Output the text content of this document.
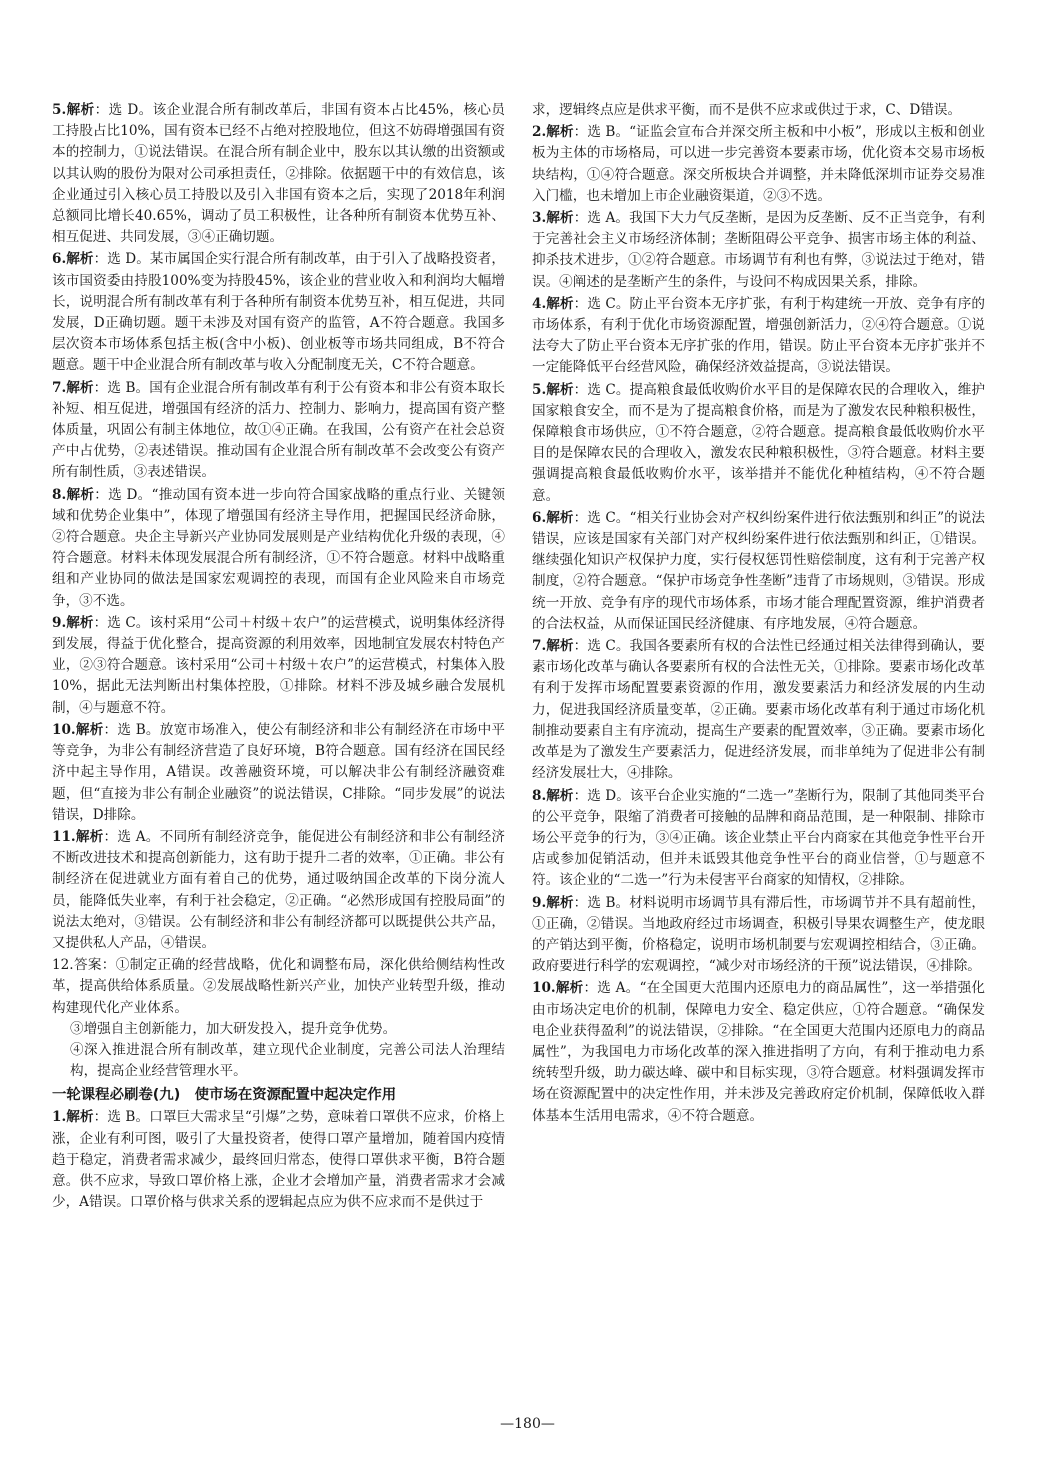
5.解析：选 D。该企业混合所有制改革后，非国有资本占比45%，核心员工持股占比10%，国有资本已经不占绝对控股地位，但这不妨碍增强国有资本的控制力，①说法错误。在混合所有制企业中，股东以其认缴的出资额或以其认购的股份为限对公司承担责任，②排除。依据题干中的有效信息，该企业通过引入核心员工持股以及引入非国有资本之后，实现了2018年利润总额同比增长40.65%，调动了员工积极性，让各种所有制资本优势互补、相互促进、共同发展，③④正确切题。

6.解析：选 D。某市属国企实行混合所有制改革，由于引入了战略投资者，该市国资委由持股100%变为持股45%，该企业的营业收入和利润均大幅增长，说明混合所有制改革有利于各种所有制资本优势互补，相互促进，共同发展，D正确切题。题干未涉及对国有资产的监管，A不符合题意。我国多层次资本市场体系包括主板(含中小板)、创业板等市场共同组成，B不符合题意。题干中企业混合所有制改革与收入分配制度无关，C不符合题意。

7.解析：选 B。国有企业混合所有制改革有利于公有资本和非公有资本取长补短、相互促进，增强国有经济的活力、控制力、影响力，提高国有资产整体质量，巩固公有制主体地位，故①④正确。在我国，公有资产在社会总资产中占优势，②表述错误。推动国有企业混合所有制改革不会改变公有资产所有制性质，③表述错误。

8.解析：选 D。“推动国有资本进一步向符合国家战略的重点行业、关键领域和优势企业集中”，体现了增强国有经济主导作用，把握国民经济命脉，②符合题意。央企主导新兴产业协同发展则是产业结构优化升级的表现，④符合题意。材料未体现发展混合所有制经济，①不符合题意。材料中战略重组和产业协同的做法是国家宏观调控的表现，而国有企业风险来自市场竞争，③不选。

9.解析：选 C。该村采用“公司＋村级＋农户”的运营模式，说明集体经济得到发展，得益于优化整合，提高资源的利用效率，因地制宜发展农村特色产业，②③符合题意。该村采用“公司＋村级＋农户”的运营模式，村集体入股10%，据此无法判断出村集体控股，①排除。材料不涉及城乡融合发展机制，④与题意不符。

10.解析：选 B。放宽市场准入，使公有制经济和非公有制经济在市场中平等竞争，为非公有制经济营造了良好环境，B符合题意。国有经济在国民经济中起主导作用，A错误。改善融资环境，可以解决非公有制经济融资难题，但“直接为非公有制企业融资”的说法错误，C排除。“同步发展”的说法错误，D排除。

11.解析：选 A。不同所有制经济竞争，能促进公有制经济和非公有制经济不断改进技术和提高创新能力，这有助于提升二者的效率，①正确。非公有制经济在促进就业方面有着自己的优势，通过吸纳国企改革的下岗分流人员，能降低失业率，有利于社会稳定，②正确。“必然形成国有控股局面”的说法太绝对，③错误。公有制经济和非公有制经济都可以既提供公共产品，又提供私人产品，④错误。

12.答案：①制定正确的经营战略，优化和调整布局，深化供给侧结构性改革，提高供给体系质量。②发展战略性新兴产业，加快产业转型升级，推动构建现代化产业体系。
③增强自主创新能力，加大研发投入，提升竞争优势。
④深入推进混合所有制改革，建立现代企业制度，完善公司法人治理结构，提高企业经营管理水平。
一轮课程必刷卷(九)　使市场在资源配置中起决定作用

1.解析：选 B。口罩巨大需求呈“引爆”之势，意味着口罩供不应求，价格上涨，企业有利可图，吸引了大量投资者，使得口罩产量增加，随着国内疫情趋于稳定，消费者需求减少，最终回归常态，使得口罩供求平衡，B符合题意。供不应求，导致口罩价格上涨，企业才会增加产量，消费者需求才会减少，A错误。口罩价格与供求关系的逻辑起点应为供不应求而不是供过于

求，逻辑终点应是供求平衡，而不是供不应求或供过于求，C、D错误。

2.解析：选 B。“证监会宣布合并深交所主板和中小板”，形成以主板和创业板为主体的市场格局，可以进一步完善资本要素市场，优化资本交易市场板块结构，①④符合题意。深交所板块合并调整，并未降低深圳市证券交易准入门槛，也未增加上市企业融资渠道，②③不选。

3.解析：选 A。我国下大力气反垄断，是因为反垄断、反不正当竞争，有利于完善社会主义市场经济体制；垄断阻碍公平竞争、损害市场主体的利益、抑杀技术进步，①②符合题意。市场调节有利也有弊，③说法过于绝对，错误。④阐述的是垄断产生的条件，与设问不构成因果关系，排除。

4.解析：选 C。防止平台资本无序扩张，有利于构建统一开放、竞争有序的市场体系，有利于优化市场资源配置，增强创新活力，②④符合题意。①说法夸大了防止平台资本无序扩张的作用，错误。防止平台资本无序扩张并不一定能降低平台经营风险，确保经济效益提高，③说法错误。

5.解析：选 C。提高粮食最低收购价水平目的是保障农民的合理收入，维护国家粮食安全，而不是为了提高粮食价格，而是为了激发农民种粮积极性，保障粮食市场供应，①不符合题意，②符合题意。提高粮食最低收购价水平目的是保障农民的合理收入，激发农民种粮积极性，③符合题意。材料主要强调提高粮食最低收购价水平，该举措并不能优化种植结构，④不符合题意。

6.解析：选 C。“相关行业协会对产权纠纷案件进行依法甄别和纠正”的说法错误，应该是国家有关部门对产权纠纷案件进行依法甄别和纠正，①错误。继续强化知识产权保护力度，实行侵权惩罚性赔偿制度，这有利于完善产权制度，②符合题意。“保护市场竞争性垄断”违背了市场规则，③错误。形成统一开放、竞争有序的现代市场体系，市场才能合理配置资源，维护消费者的合法权益，从而保证国民经济健康、有序地发展，④符合题意。

7.解析：选 C。我国各要素所有权的合法性已经通过相关法律得到确认，要素市场化改革与确认各要素所有权的合法性无关，①排除。要素市场化改革有利于发挥市场配置要素资源的作用，激发要素活力和经济发展的内生动力，促进我国经济质量变革，②正确。要素市场化改革有利于通过市场化机制推动要素自主有序流动，提高生产要素的配置效率，③正确。要素市场化改革是为了激发生产要素活力，促进经济发展，而非单纯为了促进非公有制经济发展壮大，④排除。

8.解析：选 D。该平台企业实施的“二选一”垄断行为，限制了其他同类平台的公平竞争，限缩了消费者可接触的品牌和商品范围，是一种限制、排除市场公平竞争的行为，③④正确。该企业禁止平台内商家在其他竞争性平台开店或参加促销活动，但并未诋毁其他竞争性平台的商业信誉，①与题意不符。该企业的“二选一”行为未侵害平台商家的知情权，②排除。

9.解析：选 B。材料说明市场调节具有滞后性，市场调节并不具有超前性，①正确，②错误。当地政府经过市场调查，积极引导果农调整生产，使龙眼的产销达到平衡，价格稳定，说明市场机制要与宏观调控相结合，③正确。政府要进行科学的宏观调控，“减少对市场经济的干预”说法错误，④排除。

10.解析：选 A。“在全国更大范围内还原电力的商品属性”，这一举措强化由市场决定电价的机制，保障电力安全、稳定供应，①符合题意。“确保发电企业获得盈利”的说法错误，②排除。“在全国更大范围内还原电力的商品属性”，为我国电力市场化改革的深入推进指明了方向，有利于推动电力系统转型升级，助力碳达峰、碳中和目标实现，③符合题意。材料强调发挥市场在资源配置中的决定性作用，并未涉及完善政府定价机制，保障低收入群体基本生活用电需求，④不符合题意。

—180—
